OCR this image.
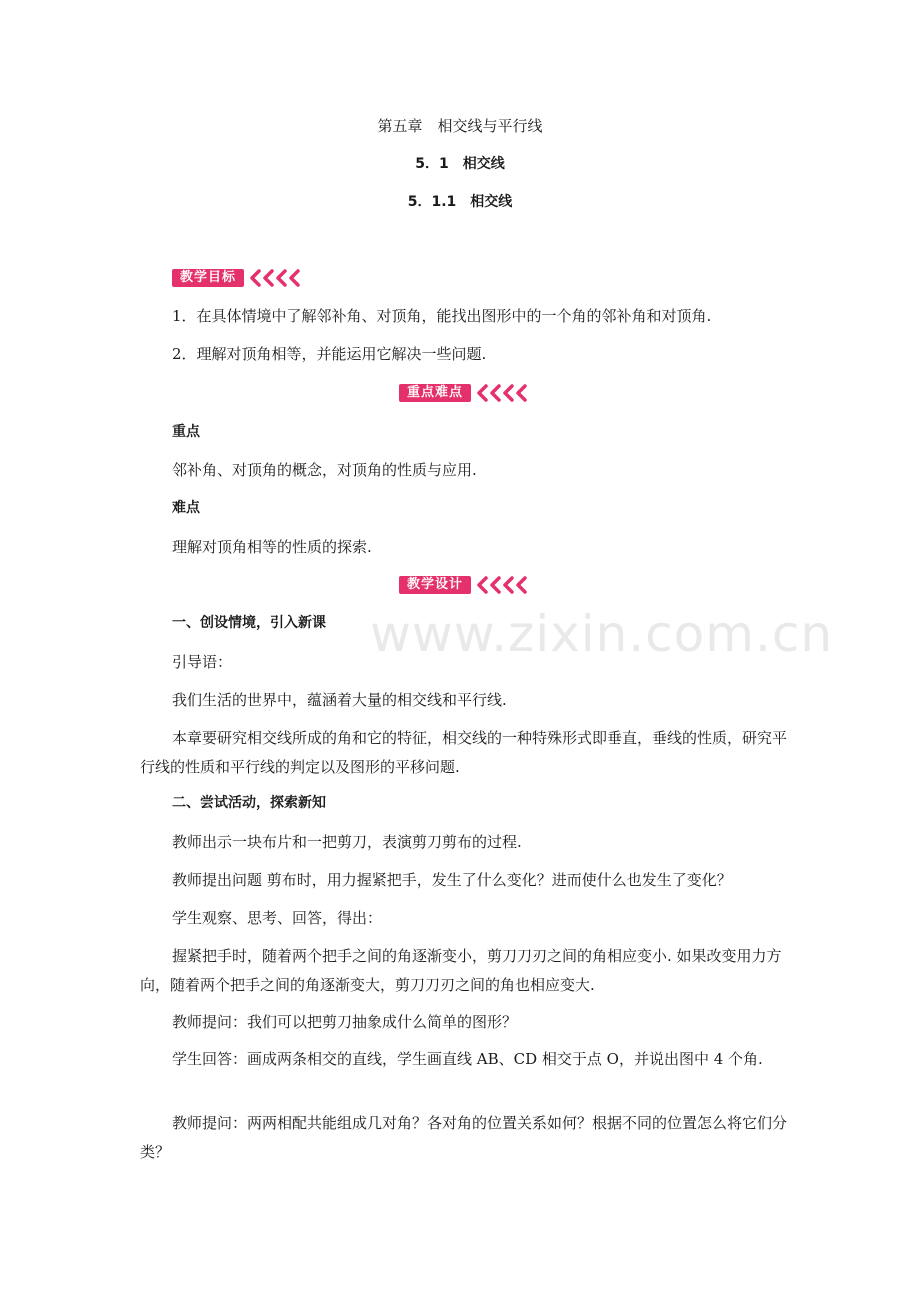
www.zixin.com.cn
第五章　相交线与平行线
5．1　相交线
5．1.1　相交线
教学目标
1．在具体情境中了解邻补角、对顶角，能找出图形中的一个角的邻补角和对顶角.
2．理解对顶角相等，并能运用它解决一些问题.
重点难点
重点
邻补角、对顶角的概念，对顶角的性质与应用.
难点
理解对顶角相等的性质的探索.
教学设计
一、创设情境，引入新课
引导语：
我们生活的世界中，蕴涵着大量的相交线和平行线.
本章要研究相交线所成的角和它的特征，相交线的一种特殊形式即垂直，垂线的性质，研究平行线的性质和平行线的判定以及图形的平移问题.
二、尝试活动，探索新知
教师出示一块布片和一把剪刀，表演剪刀剪布的过程.
教师提出问题 剪布时，用力握紧把手，发生了什么变化？进而使什么也发生了变化？
学生观察、思考、回答，得出：
握紧把手时，随着两个把手之间的角逐渐变小，剪刀刀刃之间的角相应变小. 如果改变用力方向，随着两个把手之间的角逐渐变大，剪刀刀刃之间的角也相应变大.
教师提问：我们可以把剪刀抽象成什么简单的图形？
学生回答：画成两条相交的直线，学生画直线 AB、CD 相交于点 O，并说出图中 4 个角.
教师提问：两两相配共能组成几对角？各对角的位置关系如何？根据不同的位置怎么将它们分类？
